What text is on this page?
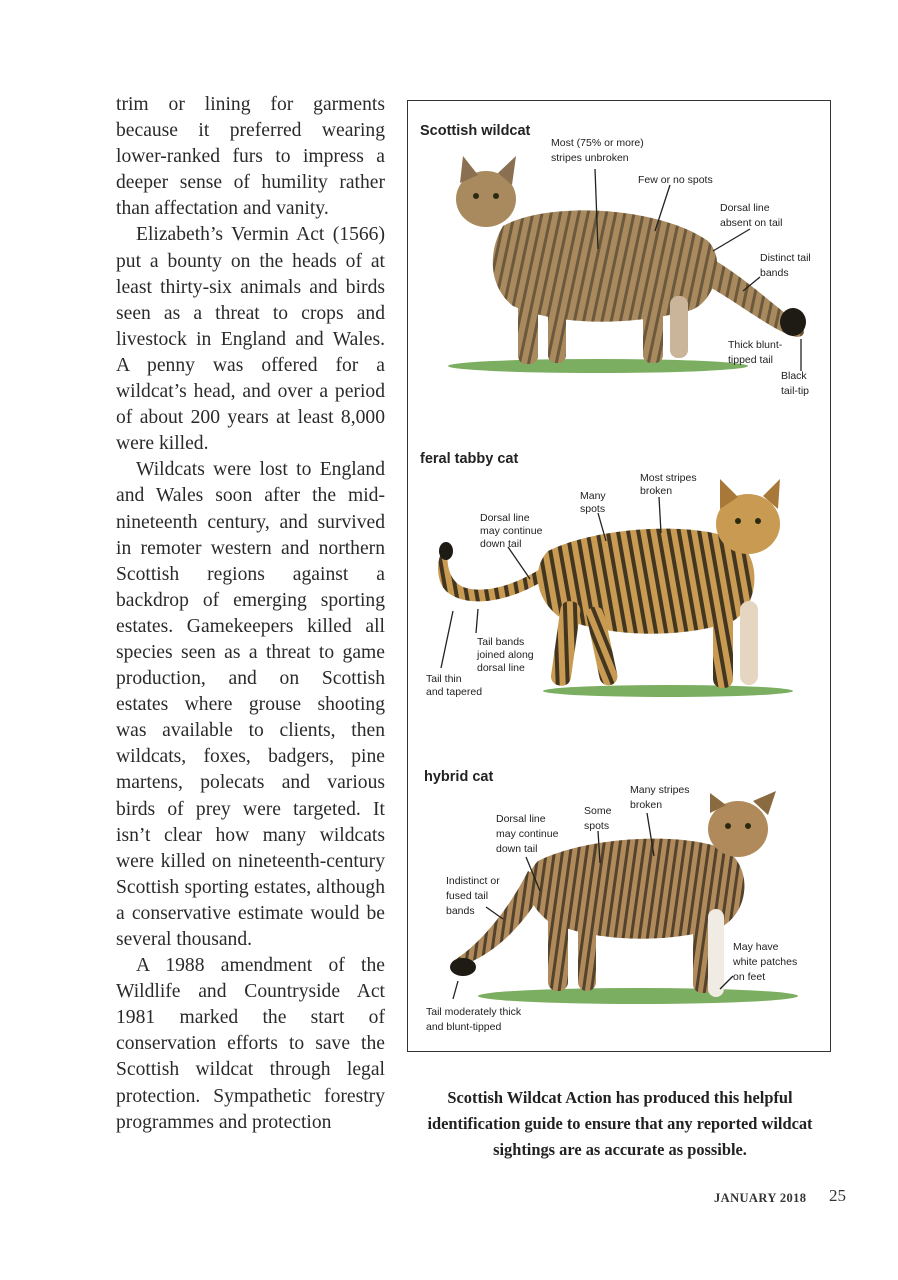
trim or lining for garments because it preferred wearing lower-ranked furs to impress a deeper sense of humility rather than affectation and vanity.

Elizabeth’s Vermin Act (1566) put a bounty on the heads of at least thirty-six animals and birds seen as a threat to crops and livestock in England and Wales. A penny was offered for a wildcat’s head, and over a period of about 200 years at least 8,000 were killed.

Wildcats were lost to England and Wales soon after the mid-nineteenth century, and survived in remoter western and northern Scottish regions against a backdrop of emerging sporting estates. Gamekeepers killed all species seen as a threat to game production, and on Scottish estates where grouse shooting was available to clients, then wildcats, foxes, badgers, pine martens, polecats and various birds of prey were targeted. It isn’t clear how many wildcats were killed on nineteenth-century Scottish sporting estates, although a conservative estimate would be several thousand.

A 1988 amendment of the Wildlife and Countryside Act 1981 marked the start of conservation efforts to save the Scottish wildcat through legal protection. Sympathetic forestry programmes and protection

Scottish wildcat
Most (75% or more)
stripes unbroken
Few or no spots
Dorsal line
absent on tail
Distinct tail
bands
Thick blunt-
tipped tail
Black
tail-tip
feral tabby cat
Most stripes
broken
Many
spots
Dorsal line
may continue
down tail
Tail bands
joined along
dorsal line
Tail thin
and tapered
hybrid cat
Many stripes
broken
Some
spots
Dorsal line
may continue
down tail
Indistinct or
fused tail
bands
May have
white patches
on feet
Tail moderately thick
and blunt-tipped
Scottish Wildcat Action has produced this helpful identification guide to ensure that any reported wildcat sightings are as accurate as possible.
JANUARY 2018 25
